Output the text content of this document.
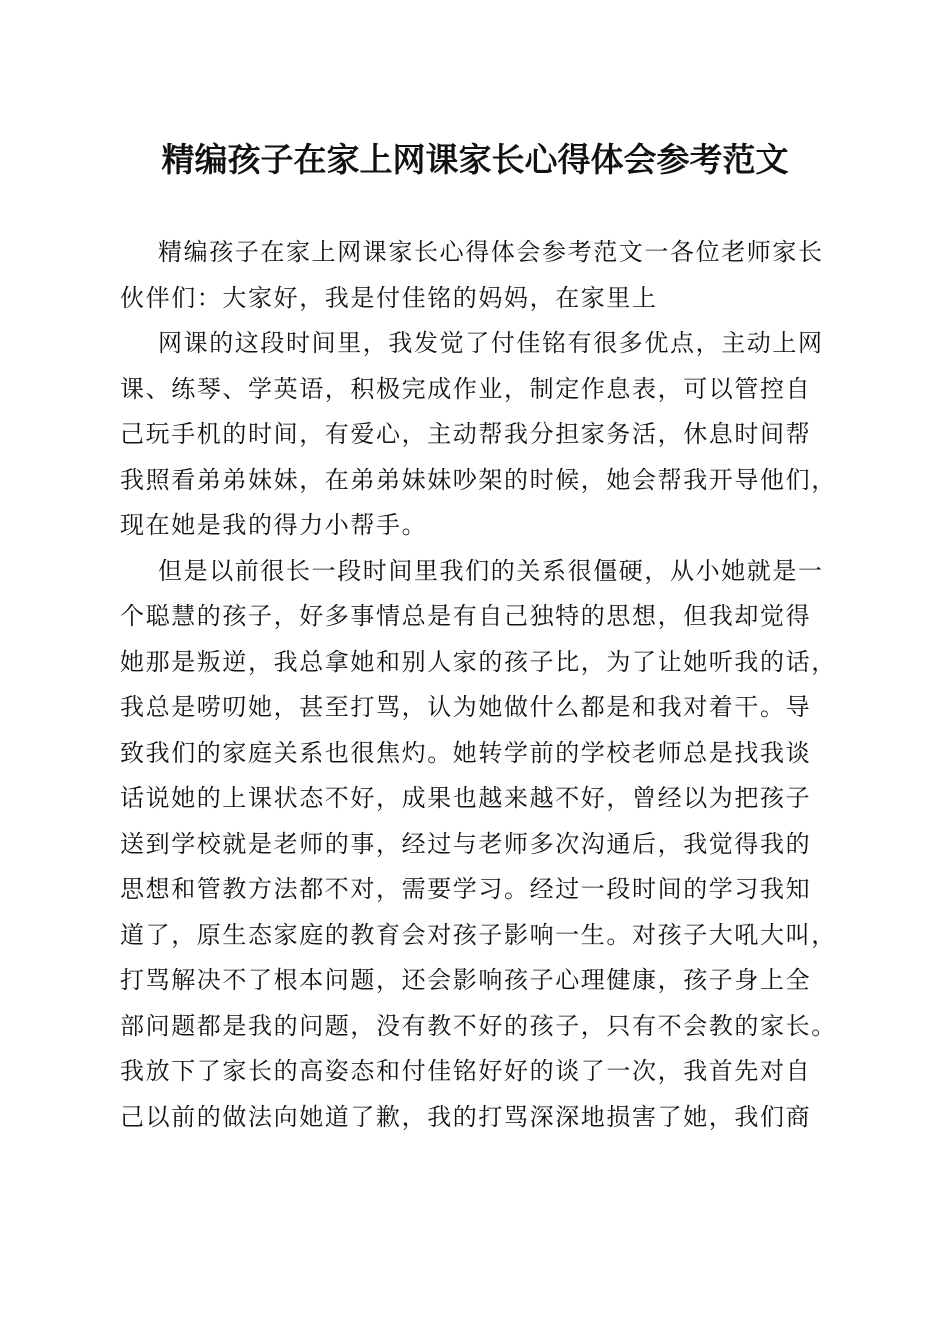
精编孩子在家上网课家长心得体会参考范文
精编孩子在家上网课家长心得体会参考范文一各位老师家长
伙伴们：大家好，我是付佳铭的妈妈，在家里上
网课的这段时间里，我发觉了付佳铭有很多优点，主动上网
课、练琴、学英语，积极完成作业，制定作息表，可以管控自
己玩手机的时间，有爱心，主动帮我分担家务活，休息时间帮
我照看弟弟妹妹，在弟弟妹妹吵架的时候，她会帮我开导他们，
现在她是我的得力小帮手。
但是以前很长一段时间里我们的关系很僵硬，从小她就是一
个聪慧的孩子，好多事情总是有自己独特的思想，但我却觉得
她那是叛逆，我总拿她和别人家的孩子比，为了让她听我的话，
我总是唠叨她，甚至打骂，认为她做什么都是和我对着干。导
致我们的家庭关系也很焦灼。她转学前的学校老师总是找我谈
话说她的上课状态不好，成果也越来越不好，曾经以为把孩子
送到学校就是老师的事，经过与老师多次沟通后，我觉得我的
思想和管教方法都不对，需要学习。经过一段时间的学习我知
道了，原生态家庭的教育会对孩子影响一生。对孩子大吼大叫，
打骂解决不了根本问题，还会影响孩子心理健康，孩子身上全
部问题都是我的问题，没有教不好的孩子，只有不会教的家长。
我放下了家长的高姿态和付佳铭好好的谈了一次，我首先对自
己以前的做法向她道了歉，我的打骂深深地损害了她，我们商
